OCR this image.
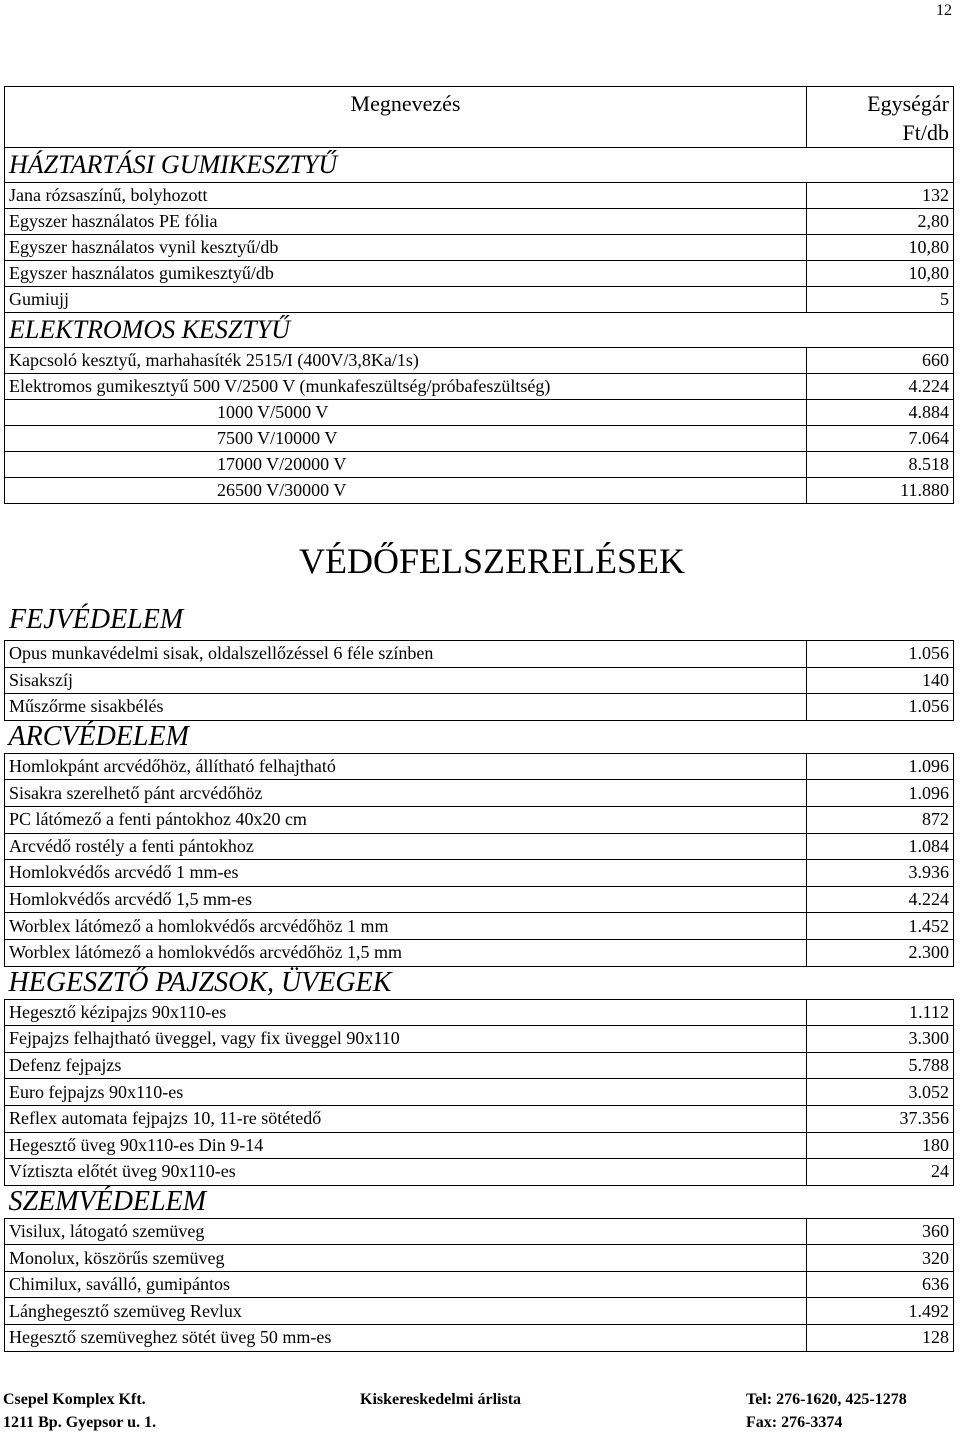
12
Megnevezés	Egységár
Ft/db
HÁZTARTÁSI GUMIKESZTYŰ	
Jana rózsaszínű, bolyhozott	132
Egyszer használatos PE fólia	2,80
Egyszer használatos vynil kesztyű/db	10,80
Egyszer használatos gumikesztyű/db	10,80
Gumiujj	5
ELEKTROMOS KESZTYŰ	
Kapcsoló kesztyű, marhahasíték 2515/I (400V/3,8Ka/1s)	660
Elektromos gumikesztyű 500 V/2500 V (munkafeszültség/próbafeszültség)	4.224
1000 V/5000 V	4.884
7500 V/10000 V	7.064
17000 V/20000 V	8.518
26500 V/30000 V	11.880
VÉDŐFELSZERELÉSEK
FEJVÉDELEM
Opus munkavédelmi sisak, oldalszellőzéssel 6 féle színben	1.056
Sisakszíj	140
Műszőrme sisakbélés	1.056
ARCVÉDELEM	
Homlokpánt arcvédőhöz, állítható felhajtható	1.096
Sisakra szerelhető pánt arcvédőhöz	1.096
PC látómező a fenti pántokhoz 40x20 cm	872
Arcvédő rostély a fenti pántokhoz	1.084
Homlokvédős arcvédő 1 mm-es	3.936
Homlokvédős arcvédő 1,5 mm-es	4.224
Worblex látómező a homlokvédős arcvédőhöz 1 mm	1.452
Worblex látómező a homlokvédős arcvédőhöz 1,5 mm	2.300
HEGESZTŐ PAJZSOK, ÜVEGEK	
Hegesztő kézipajzs 90x110-es	1.112
Fejpajzs felhajtható üveggel, vagy fix üveggel 90x110	3.300
Defenz fejpajzs	5.788
Euro fejpajzs 90x110-es	3.052
Reflex automata fejpajzs 10, 11-re sötétedő	37.356
Hegesztő üveg 90x110-es Din 9-14	180
Víztiszta előtét üveg 90x110-es	24
SZEMVÉDELEM	
Visilux, látogató szemüveg	360
Monolux, köszörűs szemüveg	320
Chimilux, saválló, gumipántos	636
Lánghegesztő szemüveg Revlux	1.492
Hegesztő szemüveghez sötét üveg 50 mm-es	128
Csepel Komplex Kft.
1211 Bp. Gyepsor u. 1.
Kiskereskedelmi árlista	Tel: 276-1620, 425-1278
Fax: 276-3374
